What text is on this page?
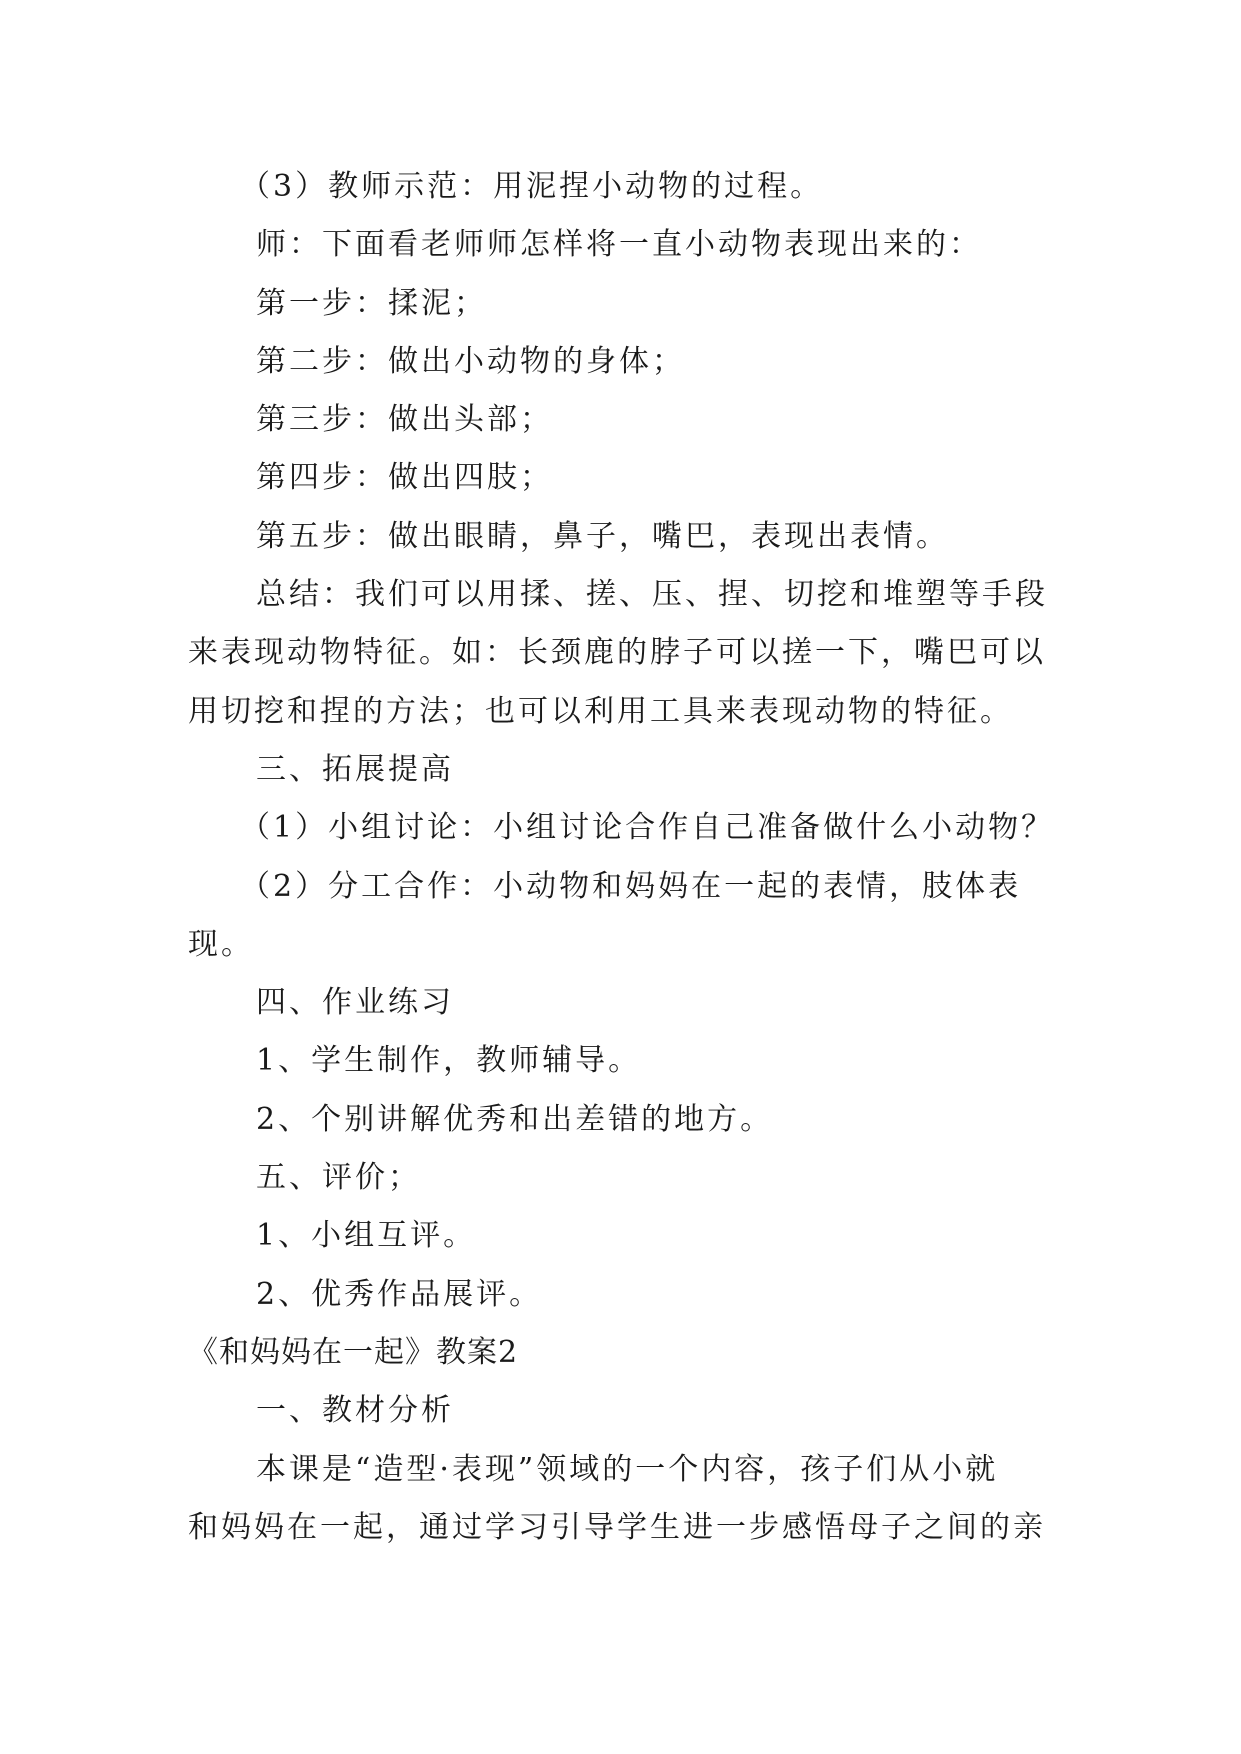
（3）教师示范：用泥捏小动物的过程。
师：下面看老师师怎样将一直小动物表现出来的：
第一步：揉泥；
第二步：做出小动物的身体；
第三步：做出头部；
第四步：做出四肢；
第五步：做出眼睛，鼻子，嘴巴，表现出表情。
总结：我们可以用揉、搓、压、捏、切挖和堆塑等手段
来表现动物特征。如：长颈鹿的脖子可以搓一下，嘴巴可以
用切挖和捏的方法；也可以利用工具来表现动物的特征。
三、拓展提高
（1）小组讨论：小组讨论合作自己准备做什么小动物？
（2）分工合作：小动物和妈妈在一起的表情，肢体表
现。
四、作业练习
1、学生制作，教师辅导。
2、个别讲解优秀和出差错的地方。
五、评价；
1、小组互评。
2、优秀作品展评。
《和妈妈在一起》教案2
一、教材分析
本课是“造型·表现”领域的一个内容，孩子们从小就
和妈妈在一起，通过学习引导学生进一步感悟母子之间的亲
